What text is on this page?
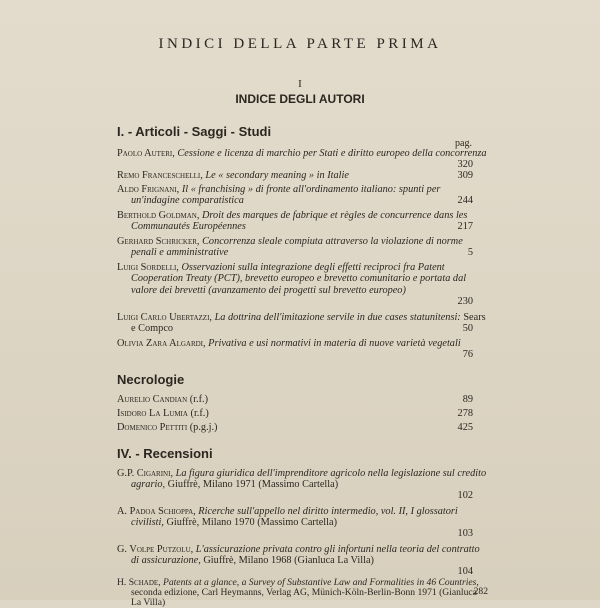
INDICI DELLA PARTE PRIMA
I
INDICE DEGLI AUTORI
I. - Articoli - Saggi - Studi
pag.
Paolo Auteri, Cessione e licenza di marchio per Stati e diritto europeo della concorrenza
320
Remo Franceschelli, Le « secondary meaning » in Italie	309
Aldo Frignani, Il « franchising » di fronte all'ordinamento italiano: spunti per un'indagine comparatistica	244
Berthold Goldman, Droit des marques de fabrique et règles de concurrence dans les Communautés Européennes	217
Gerhard Schricker, Concorrenza sleale compiuta attraverso la violazione di norme penali e amministrative	5
Luigi Sordelli, Osservazioni sulla integrazione degli effetti reciproci fra Patent Cooperation Treaty (PCT), brevetto europeo e brevetto comunitario e portata dal valore dei brevetti (avanzamento dei progetti sul brevetto europeo)
230
Luigi Carlo Ubertazzi, La dottrina dell'imitazione servile in due cases statunitensi: Sears e Compco	50
Olivia Zara Algardi, Privativa e usi normativi in materia di nuove varietà vegetali
76
Necrologie
Aurelio Candian (r.f.)	89
Isidoro La Lumia (r.f.)	278
Domenico Pettiti (p.g.j.)	425
IV. - Recensioni
G.P. Cigarini, La figura giuridica dell'imprenditore agricolo nella legislazione sul credito agrario, Giuffrè, Milano 1971 (Massimo Cartella)
102
A. Padoa Schioppa, Ricerche sull'appello nel diritto intermedio, vol. II, I glossatori civilisti, Giuffrè, Milano 1970 (Massimo Cartella)
103
G. Volpe Putzolu, L'assicurazione privata contro gli infortuni nella teoria del contratto di assicurazione, Giuffrè, Milano 1968 (Gianluca La Villa)
104
H. Schade, Patents at a glance, a Survey of Substantive Law and Formalities in 46 Countries, seconda edizione, Carl Heymanns, Verlag AG, Münich-Köln-Berlin-Bonn 1971 (Gianluca La Villa)
282
